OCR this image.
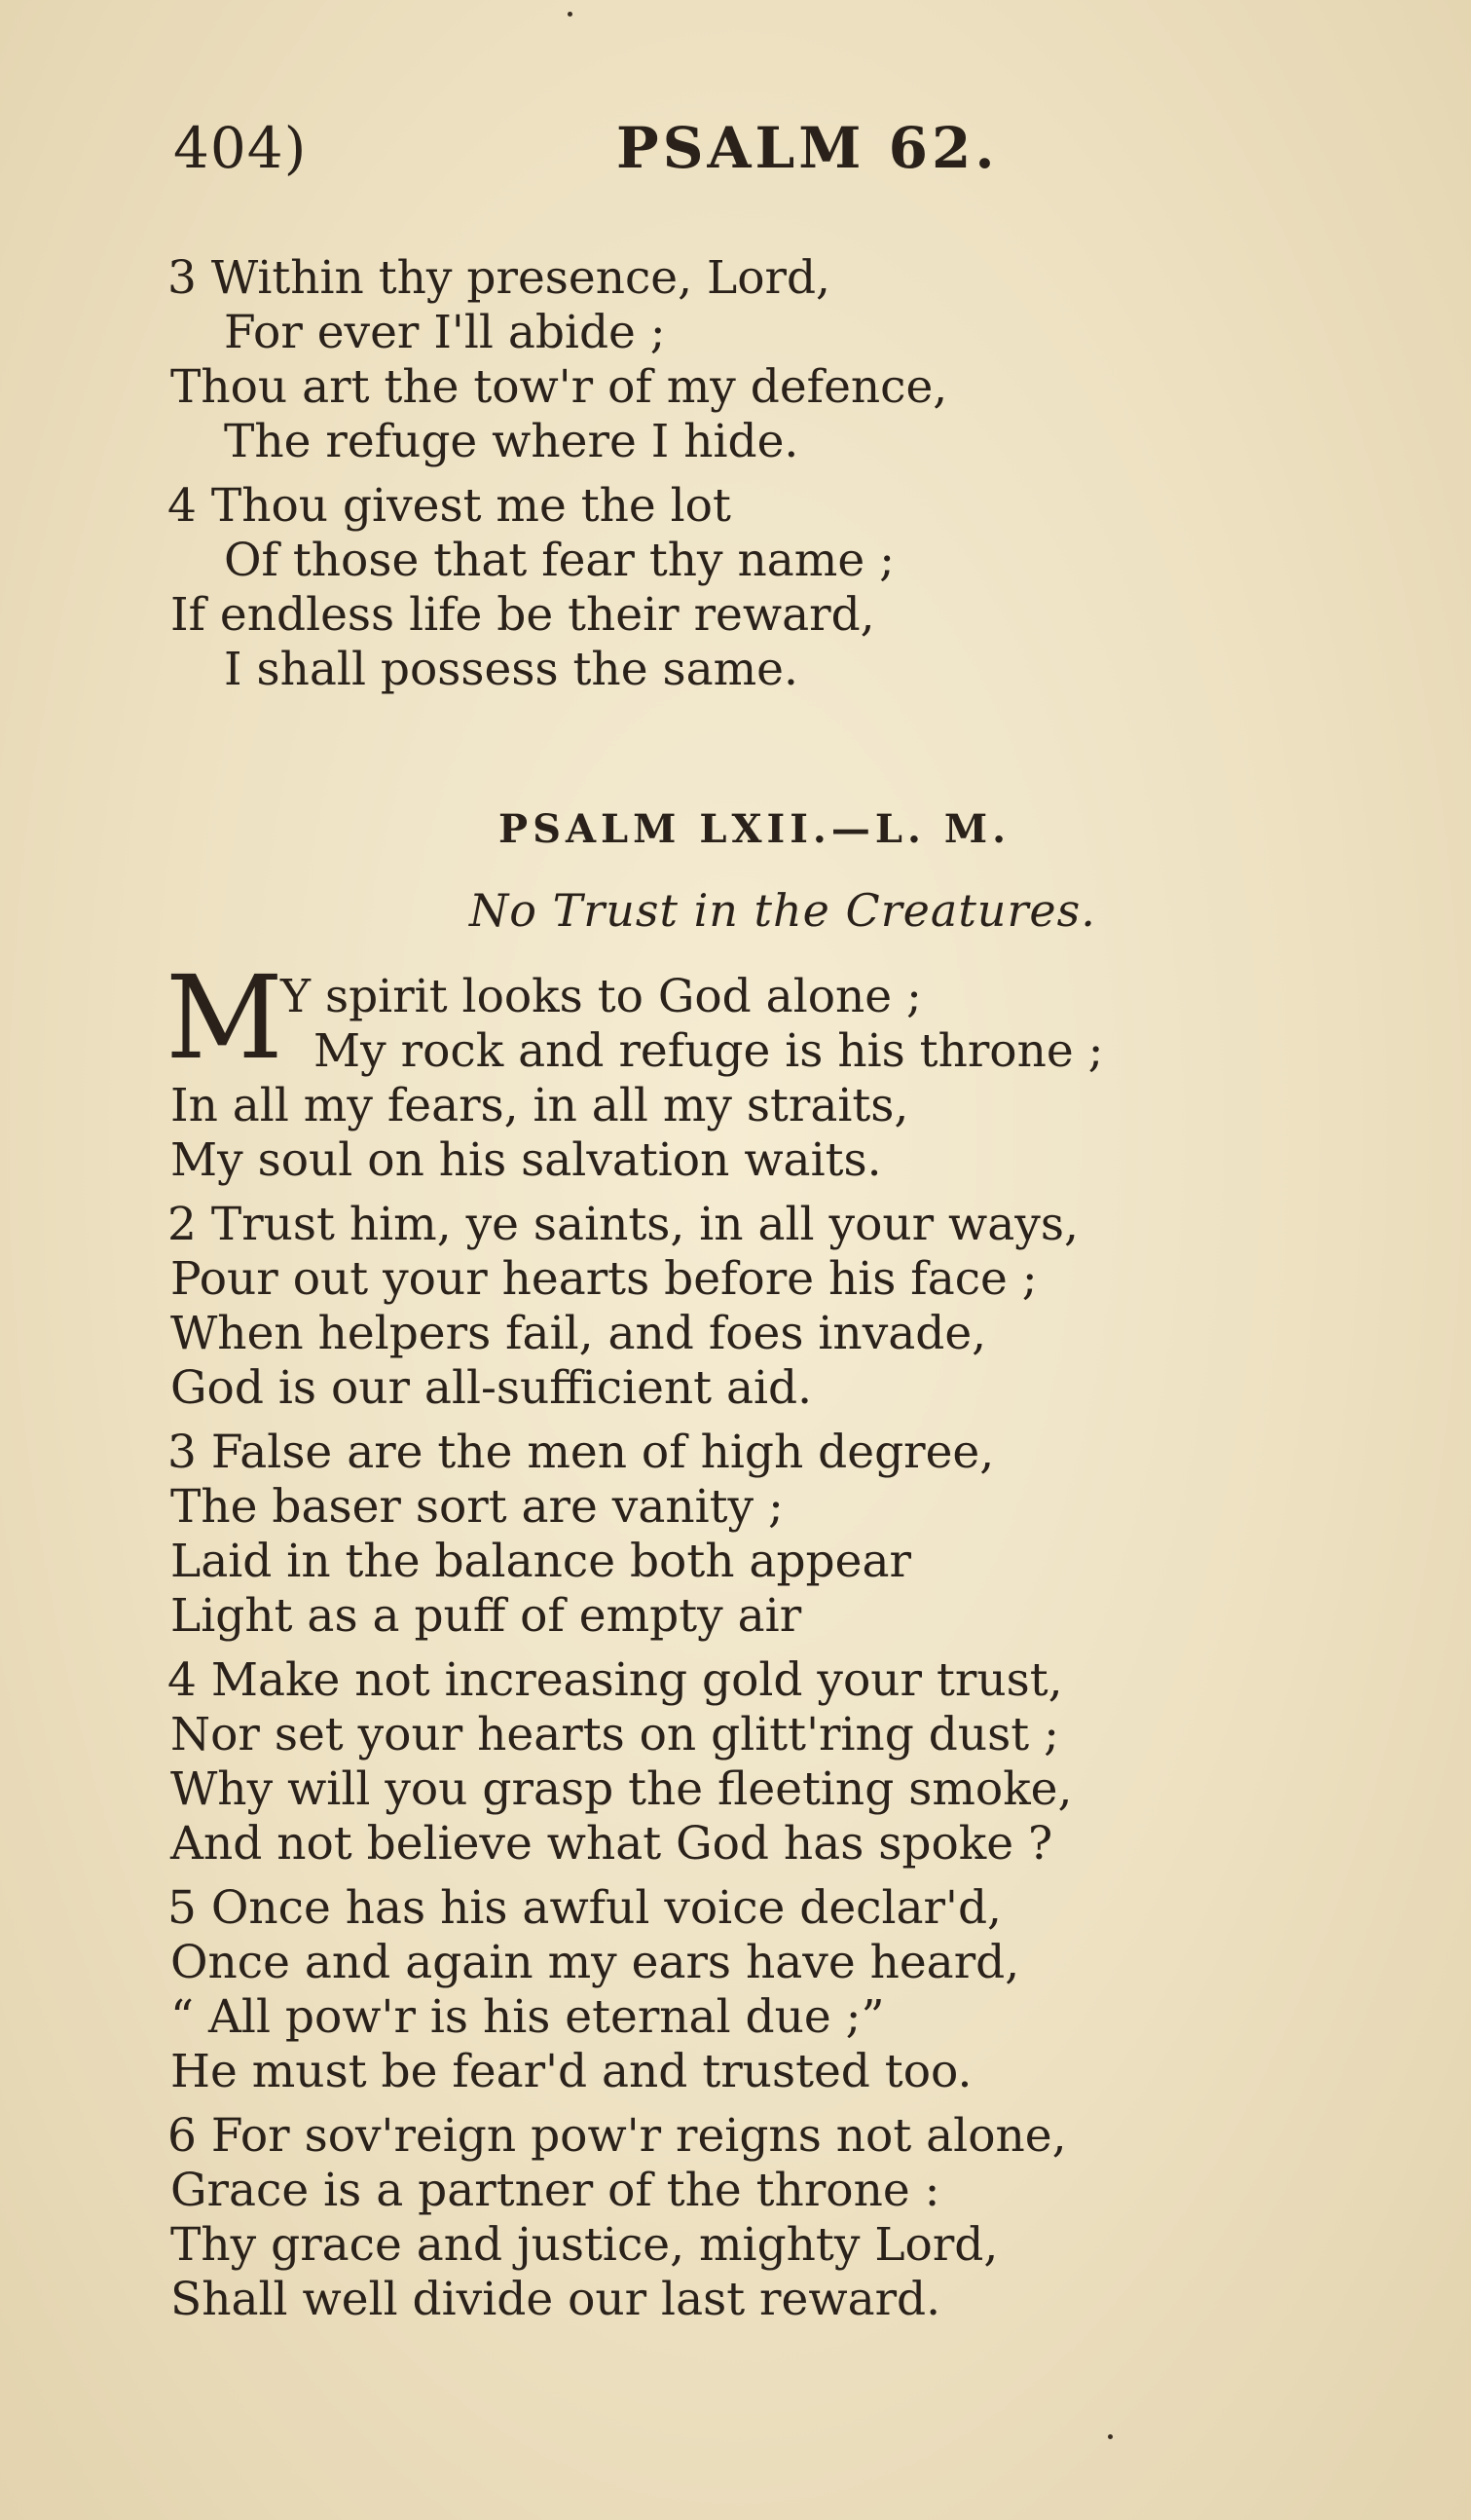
404)	PSALM 62.
3 Within thy presence, Lord,
For ever I'll abide ;
Thou art the tow'r of my defence,
The refuge where I hide.
4 Thou givest me the lot
Of those that fear thy name ;
If endless life be their reward,
I shall possess the same.
PSALM LXII.—L. M.
No Trust in the Creatures.
M
Y spirit looks to God alone ;
My rock and refuge is his throne ;
In all my fears, in all my straits,
My soul on his salvation waits.
2 Trust him, ye saints, in all your ways,
Pour out your hearts before his face ;
When helpers fail, and foes invade,
God is our all-sufficient aid.
3 False are the men of high degree,
The baser sort are vanity ;
Laid in the balance both appear
Light as a puff of empty air
4 Make not increasing gold your trust,
Nor set your hearts on glitt'ring dust ;
Why will you grasp the fleeting smoke,
And not believe what God has spoke ?
5 Once has his awful voice declar'd,
Once and again my ears have heard,
“ All pow'r is his eternal due ;”
He must be fear'd and trusted too.
6 For sov'reign pow'r reigns not alone,
Grace is a partner of the throne :
Thy grace and justice, mighty Lord,
Shall well divide our last reward.
